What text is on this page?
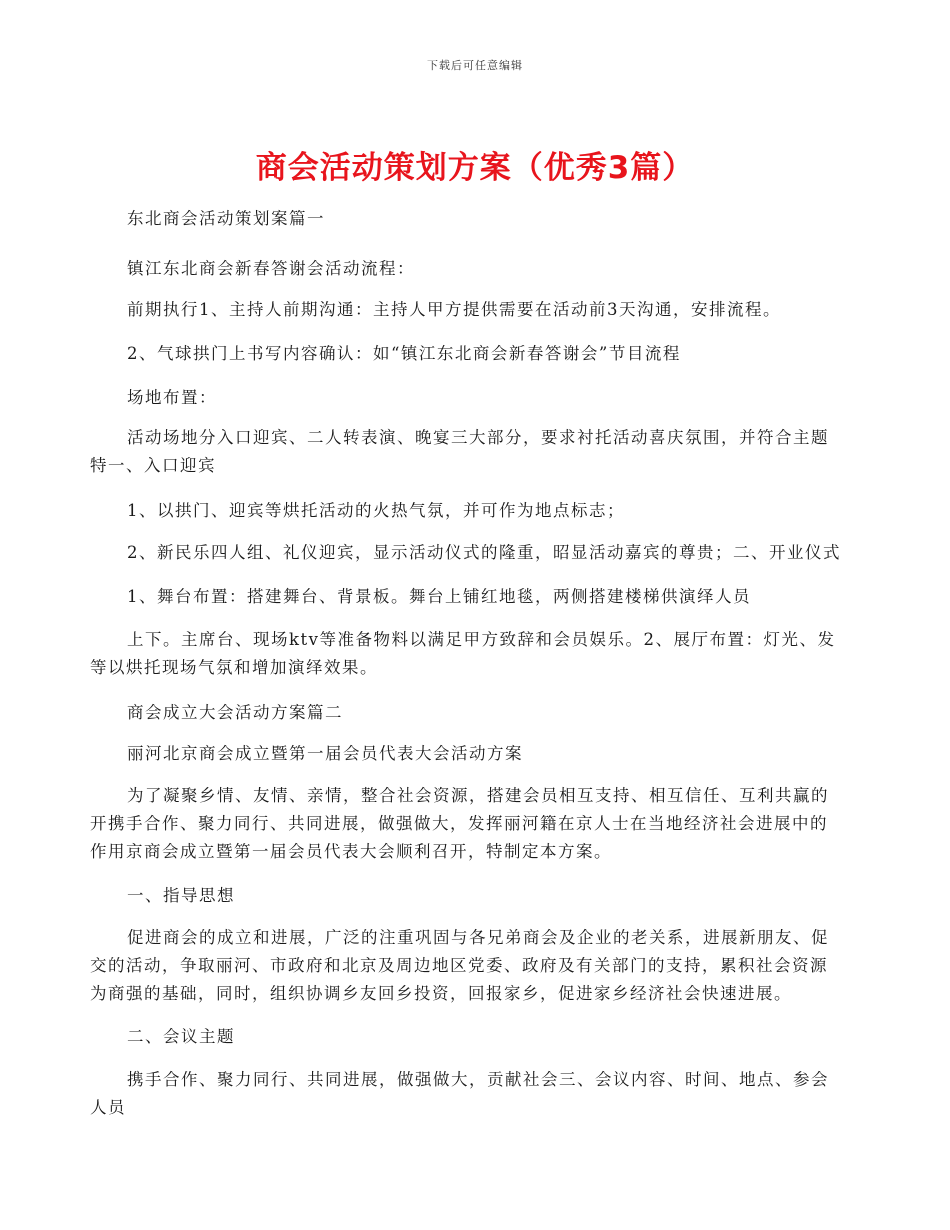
下载后可任意编辑
商会活动策划方案（优秀3篇）
东北商会活动策划案篇一
镇江东北商会新春答谢会活动流程：
前期执行1、主持人前期沟通：主持人甲方提供需要在活动前3天沟通，安排流程。
2、气球拱门上书写内容确认：如“镇江东北商会新春答谢会”节目流程
场地布置：
活动场地分入口迎宾、二人转表演、晚宴三大部分，要求衬托活动喜庆氛围，并符合主题
特一、入口迎宾
1、以拱门、迎宾等烘托活动的火热气氛，并可作为地点标志；
2、新民乐四人组、礼仪迎宾，显示活动仪式的隆重，昭显活动嘉宾的尊贵；二、开业仪式
1、舞台布置：搭建舞台、背景板。舞台上铺红地毯，两侧搭建楼梯供演绎人员
上下。主席台、现场ktv等准备物料以满足甲方致辞和会员娱乐。2、展厅布置：灯光、发
等以烘托现场气氛和增加演绎效果。
商会成立大会活动方案篇二
丽河北京商会成立暨第一届会员代表大会活动方案
为了凝聚乡情、友情、亲情，整合社会资源，搭建会员相互支持、相互信任、互利共赢的
开携手合作、聚力同行、共同进展，做强做大，发挥丽河籍在京人士在当地经济社会进展中的
作用京商会成立暨第一届会员代表大会顺利召开，特制定本方案。
一、指导思想
促进商会的成立和进展，广泛的注重巩固与各兄弟商会及企业的老关系，进展新朋友、促
交的活动，争取丽河、市政府和北京及周边地区党委、政府及有关部门的支持，累积社会资源
为商强的基础，同时，组织协调乡友回乡投资，回报家乡，促进家乡经济社会快速进展。
二、会议主题
携手合作、聚力同行、共同进展，做强做大，贡献社会三、会议内容、时间、地点、参会
人员
